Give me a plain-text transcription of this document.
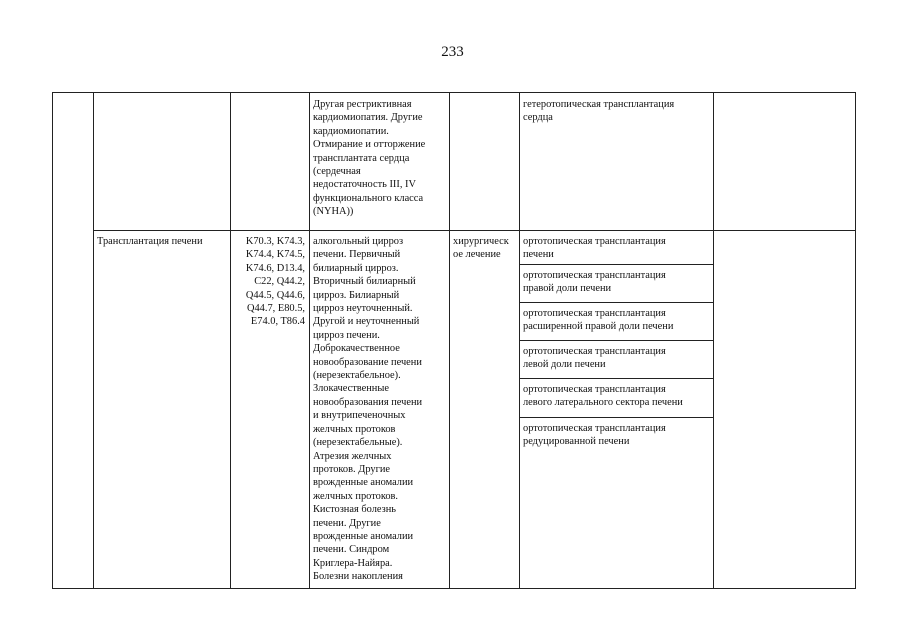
233
Другая рестриктивная
кардиомиопатия. Другие
кардиомиопатии.
Отмирание и отторжение
трансплантата сердца
(сердечная
недостаточность III, IV
функционального класса
(NYHA))
гетеротопическая трансплантация
сердца
Трансплантация печени	K70.3, K74.3,
K74.4, K74.5,
K74.6, D13.4,
C22, Q44.2,
Q44.5, Q44.6,
Q44.7, E80.5,
E74.0, T86.4
алкогольный цирроз
печени. Первичный
билиарный цирроз.
Вторичный билиарный
цирроз. Билиарный
цирроз неуточненный.
Другой и неуточненный
цирроз печени.
Доброкачественное
новообразование печени
(нерезектабельное).
Злокачественные
новообразования печени
и внутрипеченочных
желчных протоков
(нерезектабельные).
Атрезия желчных
протоков. Другие
врожденные аномалии
желчных протоков.
Кистозная болезнь
печени. Другие
врожденные аномалии
печени. Синдром
Криглера-Найяра.
Болезни накопления
хирургическ
ое лечение
ортотопическая трансплантация
печени
ортотопическая трансплантация
правой доли печени
ортотопическая трансплантация
расширенной правой доли печени
ортотопическая трансплантация
левой доли печени
ортотопическая трансплантация
левого латерального сектора печени
ортотопическая трансплантация
редуцированной печени
